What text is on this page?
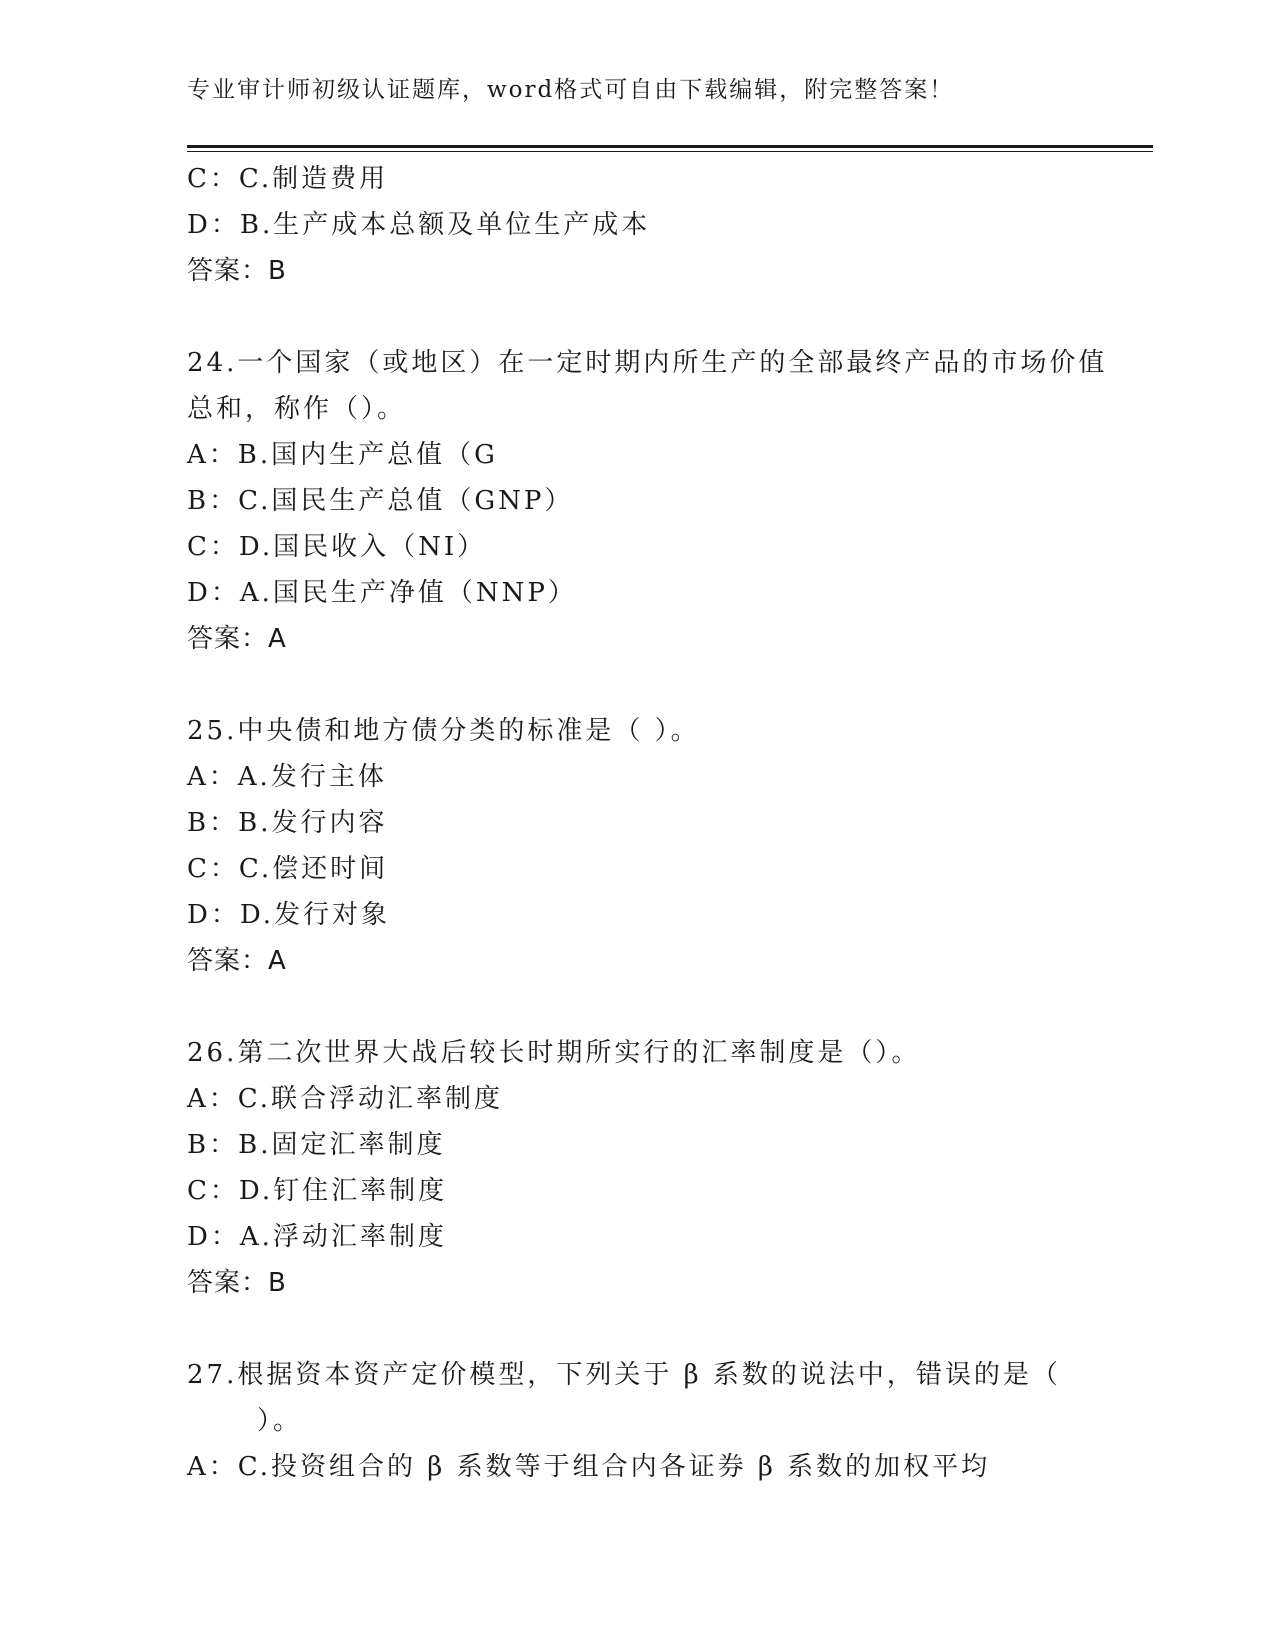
专业审计师初级认证题库，word格式可自由下载编辑，附完整答案！
C：C.制造费用
D：B.生产成本总额及单位生产成本
答案：B
24.一个国家（或地区）在一定时期内所生产的全部最终产品的市场价值总和，称作（）。
A：B.国内生产总值（G
B：C.国民生产总值（GNP）
C：D.国民收入（NI）
D：A.国民生产净值（NNP）
答案：A
25.中央债和地方债分类的标准是（ ）。
A：A.发行主体
B：B.发行内容
C：C.偿还时间
D：D.发行对象
答案：A
26.第二次世界大战后较长时期所实行的汇率制度是（）。
A：C.联合浮动汇率制度
B：B.固定汇率制度
C：D.钉住汇率制度
D：A.浮动汇率制度
答案：B
27.根据资本资产定价模型，下列关于 β 系数的说法中，错误的是（
）。
A：C.投资组合的 β 系数等于组合内各证券 β 系数的加权平均
